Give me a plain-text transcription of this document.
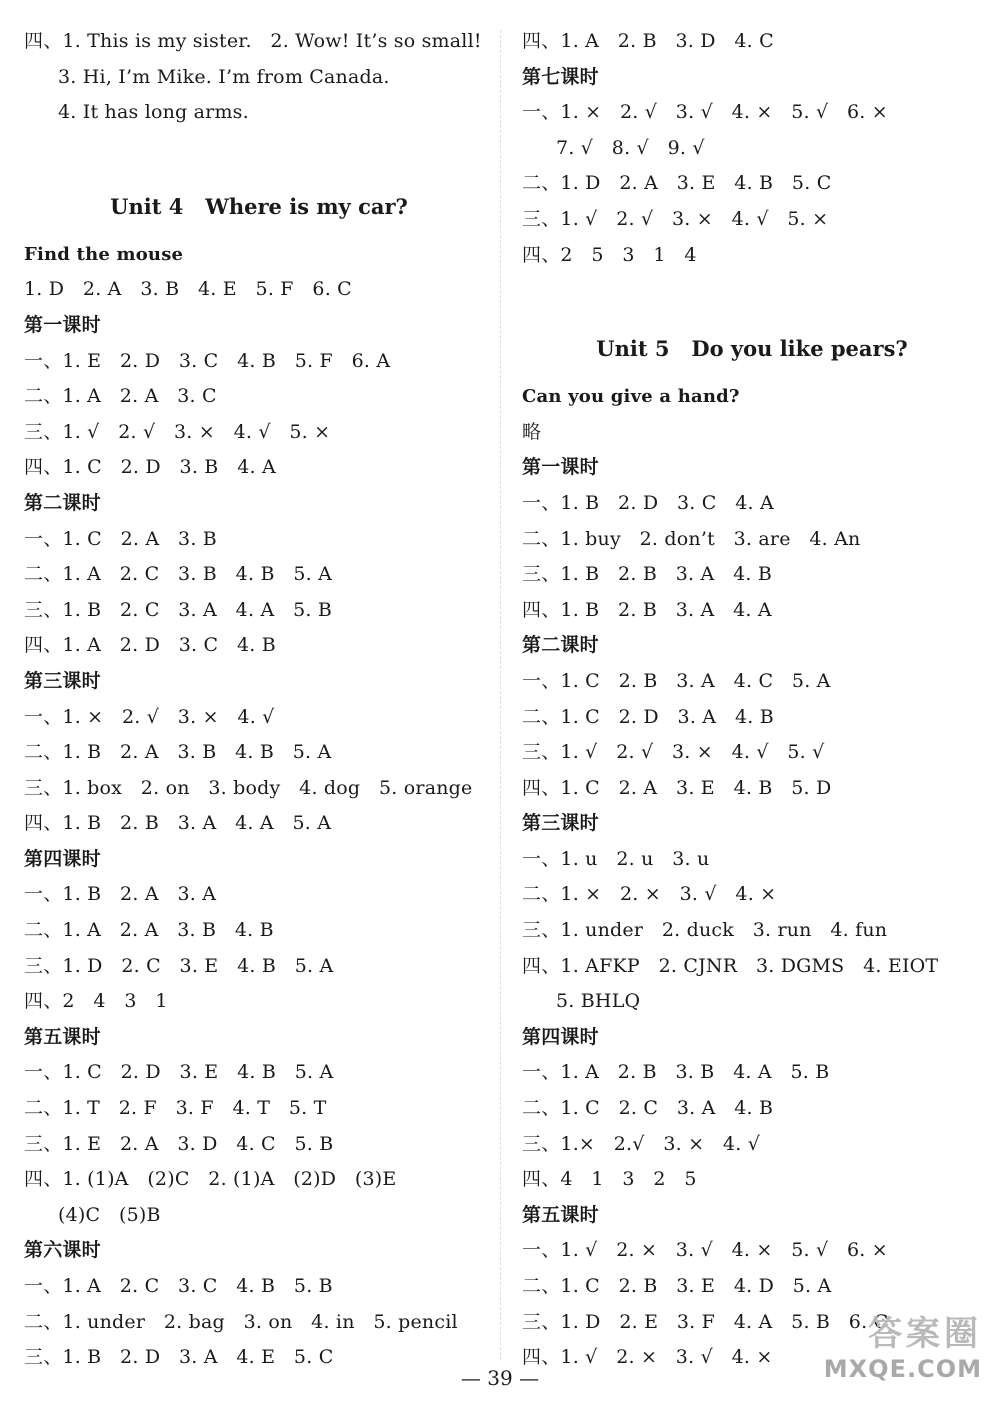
四、1. This is my sister.   2. Wow! It’s so small!
3. Hi, I’m Mike. I’m from Canada.
4. It has long arms.
Unit 4   Where is my car?
Find the mouse
1. D   2. A   3. B   4. E   5. F   6. C
第一课时
一、1. E   2. D   3. C   4. B   5. F   6. A
二、1. A   2. A   3. C
三、1. √   2. √   3. ×   4. √   5. ×
四、1. C   2. D   3. B   4. A
第二课时
一、1. C   2. A   3. B
二、1. A   2. C   3. B   4. B   5. A
三、1. B   2. C   3. A   4. A   5. B
四、1. A   2. D   3. C   4. B
第三课时
一、1. ×   2. √   3. ×   4. √
二、1. B   2. A   3. B   4. B   5. A
三、1. box   2. on   3. body   4. dog   5. orange
四、1. B   2. B   3. A   4. A   5. A
第四课时
一、1. B   2. A   3. A
二、1. A   2. A   3. B   4. B
三、1. D   2. C   3. E   4. B   5. A
四、2   4   3   1
第五课时
一、1. C   2. D   3. E   4. B   5. A
二、1. T   2. F   3. F   4. T   5. T
三、1. E   2. A   3. D   4. C   5. B
四、1. (1)A   (2)C   2. (1)A   (2)D   (3)E
(4)C   (5)B
第六课时
一、1. A   2. C   3. C   4. B   5. B
二、1. under   2. bag   3. on   4. in   5. pencil
三、1. B   2. D   3. A   4. E   5. C
四、1. A   2. B   3. D   4. C
第七课时
一、1. ×   2. √   3. √   4. ×   5. √   6. ×
7. √   8. √   9. √
二、1. D   2. A   3. E   4. B   5. C
三、1. √   2. √   3. ×   4. √   5. ×
四、2   5   3   1   4
Unit 5   Do you like pears?
Can you give a hand?
略
第一课时
一、1. B   2. D   3. C   4. A
二、1. buy   2. don’t   3. are   4. An
三、1. B   2. B   3. A   4. B
四、1. B   2. B   3. A   4. A
第二课时
一、1. C   2. B   3. A   4. C   5. A
二、1. C   2. D   3. A   4. B
三、1. √   2. √   3. ×   4. √   5. √
四、1. C   2. A   3. E   4. B   5. D
第三课时
一、1. u   2. u   3. u
二、1. ×   2. ×   3. √   4. ×
三、1. under   2. duck   3. run   4. fun
四、1. AFKP   2. CJNR   3. DGMS   4. EIOT
5. BHLQ
第四课时
一、1. A   2. B   3. B   4. A   5. B
二、1. C   2. C   3. A   4. B
三、1.×   2.√   3. ×   4. √
四、4   1   3   2   5
第五课时
一、1. √   2. ×   3. √   4. ×   5. √   6. ×
二、1. C   2. B   3. E   4. D   5. A
三、1. D   2. E   3. F   4. A   5. B   6. C
四、1. √   2. ×   3. √   4. ×
— 39 —
答案圈
MXQE.COM
